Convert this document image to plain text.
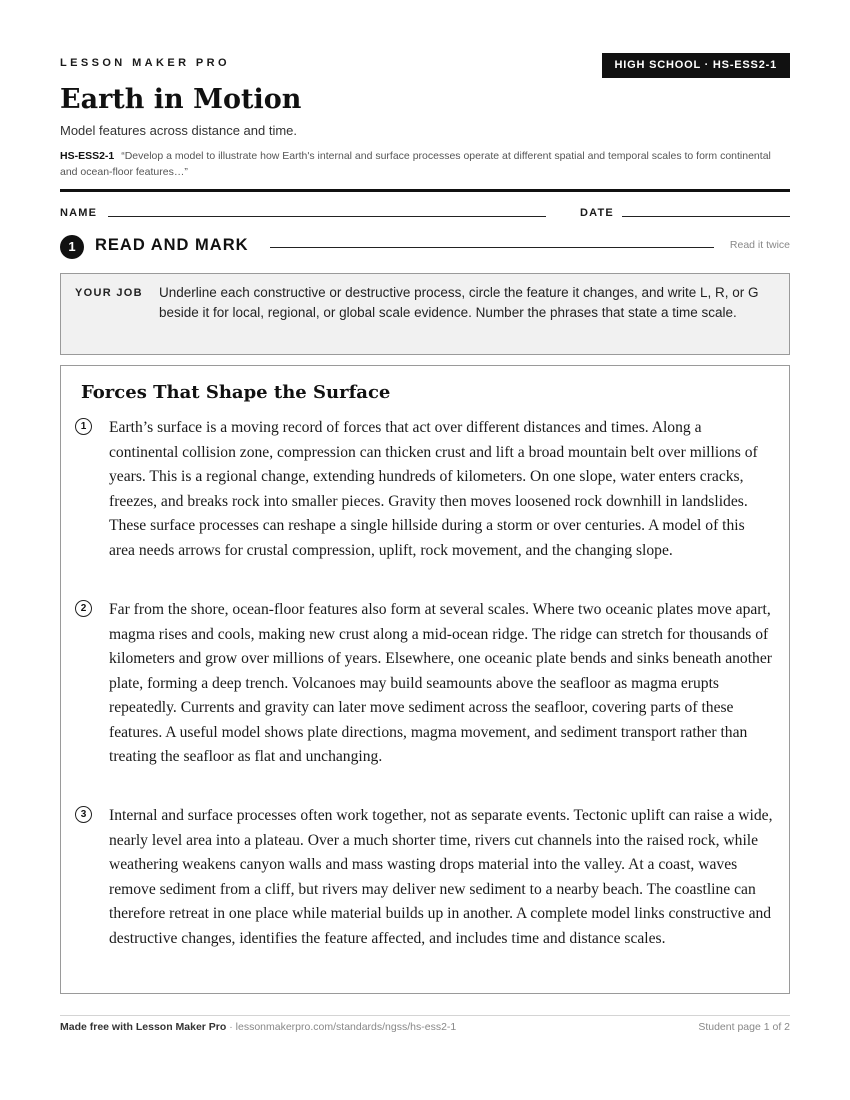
LESSON MAKER PRO	HIGH SCHOOL · HS-ESS2-1
Earth in Motion
Model features across distance and time.
HS-ESS2-1 “Develop a model to illustrate how Earth's internal and surface processes operate at different spatial and temporal scales to form continental and ocean-floor features…”
NAME	DATE
1	READ AND MARK	Read it twice
YOUR JOB Underline each constructive or destructive process, circle the feature it changes, and write L, R, or G beside it for local, regional, or global scale evidence. Number the phrases that state a time scale.
Forces That Shape the Surface
1	Earth’s surface is a moving record of forces that act over different distances and times. Along a continental collision zone, compression can thicken crust and lift a broad mountain belt over millions of years. This is a regional change, extending hundreds of kilometers. On one slope, water enters cracks, freezes, and breaks rock into smaller pieces. Gravity then moves loosened rock downhill in landslides. These surface processes can reshape a single hillside during a storm or over centuries. A model of this area needs arrows for crustal compression, uplift, rock movement, and the changing slope.

2	Far from the shore, ocean-floor features also form at several scales. Where two oceanic plates move apart, magma rises and cools, making new crust along a mid-ocean ridge. The ridge can stretch for thousands of kilometers and grow over millions of years. Elsewhere, one oceanic plate bends and sinks beneath another plate, forming a deep trench. Volcanoes may build seamounts above the seafloor as magma erupts repeatedly. Currents and gravity can later move sediment across the seafloor, covering parts of these features. A useful model shows plate directions, magma movement, and sediment transport rather than treating the seafloor as flat and unchanging.

3	Internal and surface processes often work together, not as separate events. Tectonic uplift can raise a wide, nearly level area into a plateau. Over a much shorter time, rivers cut channels into the raised rock, while weathering weakens canyon walls and mass wasting drops material into the valley. At a coast, waves remove sediment from a cliff, but rivers may deliver new sediment to a nearby beach. The coastline can therefore retreat in one place while material builds up in another. A complete model links constructive and destructive changes, identifies the feature affected, and includes time and distance scales.

Made free with Lesson Maker Pro · lessonmakerpro.com/standards/ngss/hs-ess2-1	Student page 1 of 2
